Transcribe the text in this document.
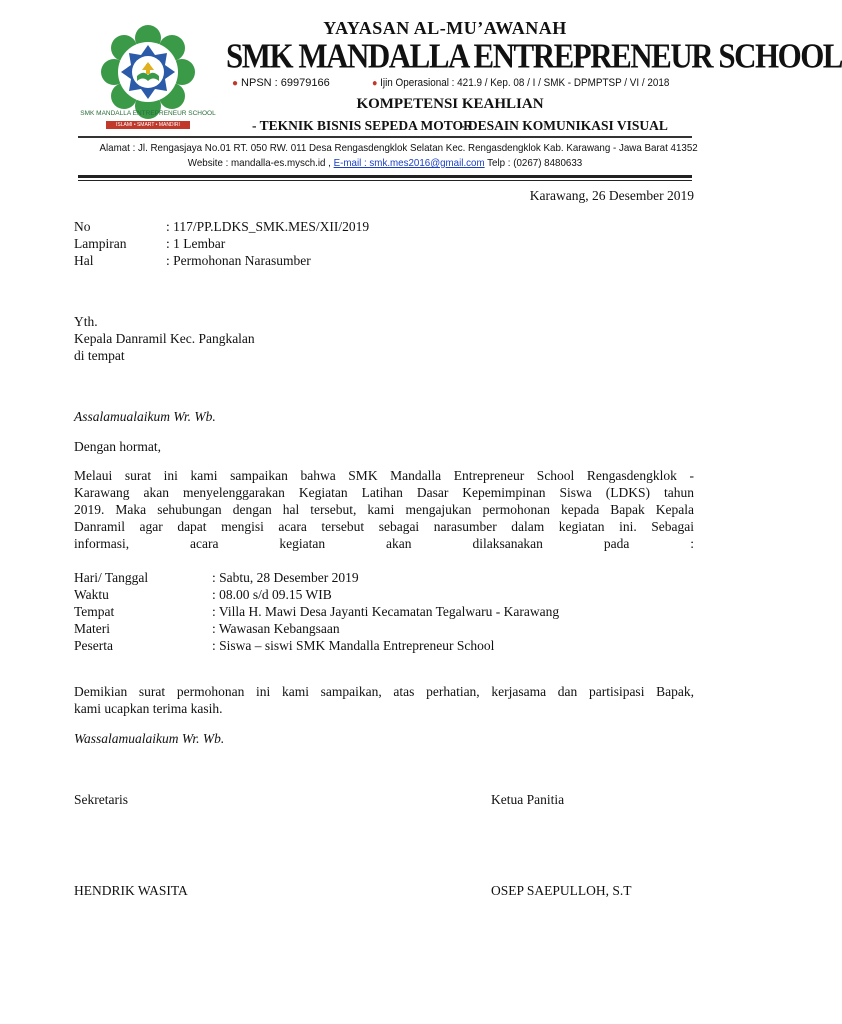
SMK MANDALLA ENTREPRENEUR SCHOOL
ISLAMI • SMART • MANDIRI
YAYASAN AL-MU’AWANAH
SMK MANDALLA ENTREPRENEUR SCHOOL
● NPSN : 69979166	● Ijin Operasional : 421.9 / Kep. 08 / I / SMK - DPMPTSP / VI / 2018
KOMPETENSI KEAHLIAN
- TEKNIK BISNIS SEPEDA MOTOR
- DESAIN KOMUNIKASI VISUAL
Alamat : Jl. Rengasjaya No.01 RT. 050 RW. 011 Desa Rengasdengklok Selatan Kec. Rengasdengklok Kab. Karawang - Jawa Barat 41352
Website : mandalla-es.mysch.id , E-mail : smk.mes2016@gmail.com Telp : (0267) 8480633
Karawang, 26 Desember 2019
No	: 117/PP.LDKS_SMK.MES/XII/2019
Lampiran	: 1 Lembar
Hal	: Permohonan Narasumber
Yth.
Kepala Danramil Kec. Pangkalan
di tempat
Assalamualaikum Wr. Wb.
Dengan hormat,
Melaui surat ini kami sampaikan bahwa SMK Mandalla Entrepreneur School Rengasdengklok -
Karawang akan menyelenggarakan Kegiatan Latihan Dasar Kepemimpinan Siswa (LDKS) tahun
2019. Maka sehubungan dengan hal tersebut, kami mengajukan permohonan kepada Bapak Kepala
Danramil agar dapat mengisi acara tersebut sebagai narasumber dalam kegiatan ini. Sebagai
informasi, acara kegiatan akan dilaksanakan pada :
Hari/ Tanggal	: Sabtu, 28 Desember 2019
Waktu	: 08.00 s/d 09.15 WIB
Tempat	: Villa H. Mawi Desa Jayanti Kecamatan Tegalwaru - Karawang
Materi	: Wawasan Kebangsaan
Peserta	: Siswa – siswi SMK Mandalla Entrepreneur School
Demikian surat permohonan ini kami sampaikan, atas perhatian, kerjasama dan partisipasi Bapak,
kami ucapkan terima kasih.
Wassalamualaikum Wr. Wb.
Sekretaris	Ketua Panitia
HENDRIK WASITA	OSEP SAEPULLOH, S.T
